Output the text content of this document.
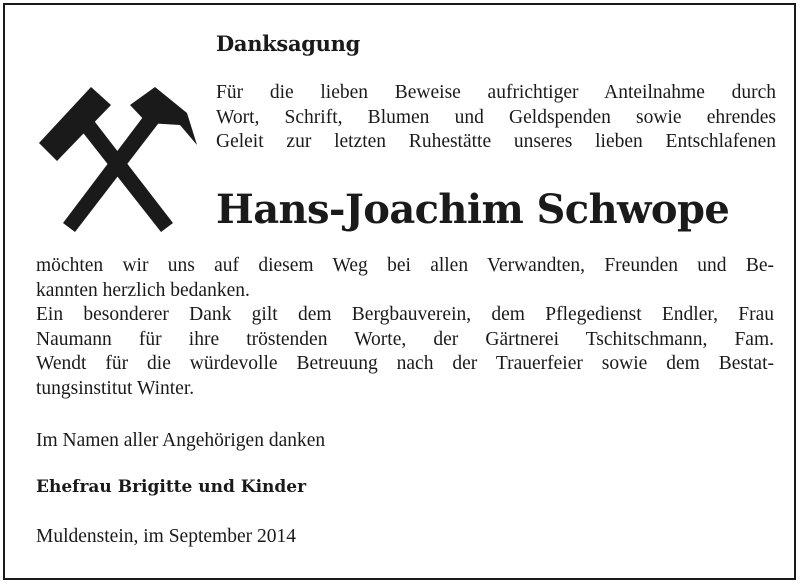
Danksagung
Für die lieben Beweise aufrichtiger Anteilnahme durch
Wort, Schrift, Blumen und Geldspenden sowie ehrendes
Geleit zur letzten Ruhestätte unseres lieben Entschlafenen
Hans-Joachim Schwope
möchten wir uns auf diesem Weg bei allen Verwandten, Freunden und Be-
kannten herzlich bedanken.
Ein besonderer Dank gilt dem Bergbauverein, dem Pflegedienst Endler, Frau
Naumann für ihre tröstenden Worte, der Gärtnerei Tschitschmann, Fam.
Wendt für die würdevolle Betreuung nach der Trauerfeier sowie dem Bestat-
tungsinstitut Winter.
Im Namen aller Angehörigen danken
Ehefrau Brigitte und Kinder
Muldenstein, im September 2014
